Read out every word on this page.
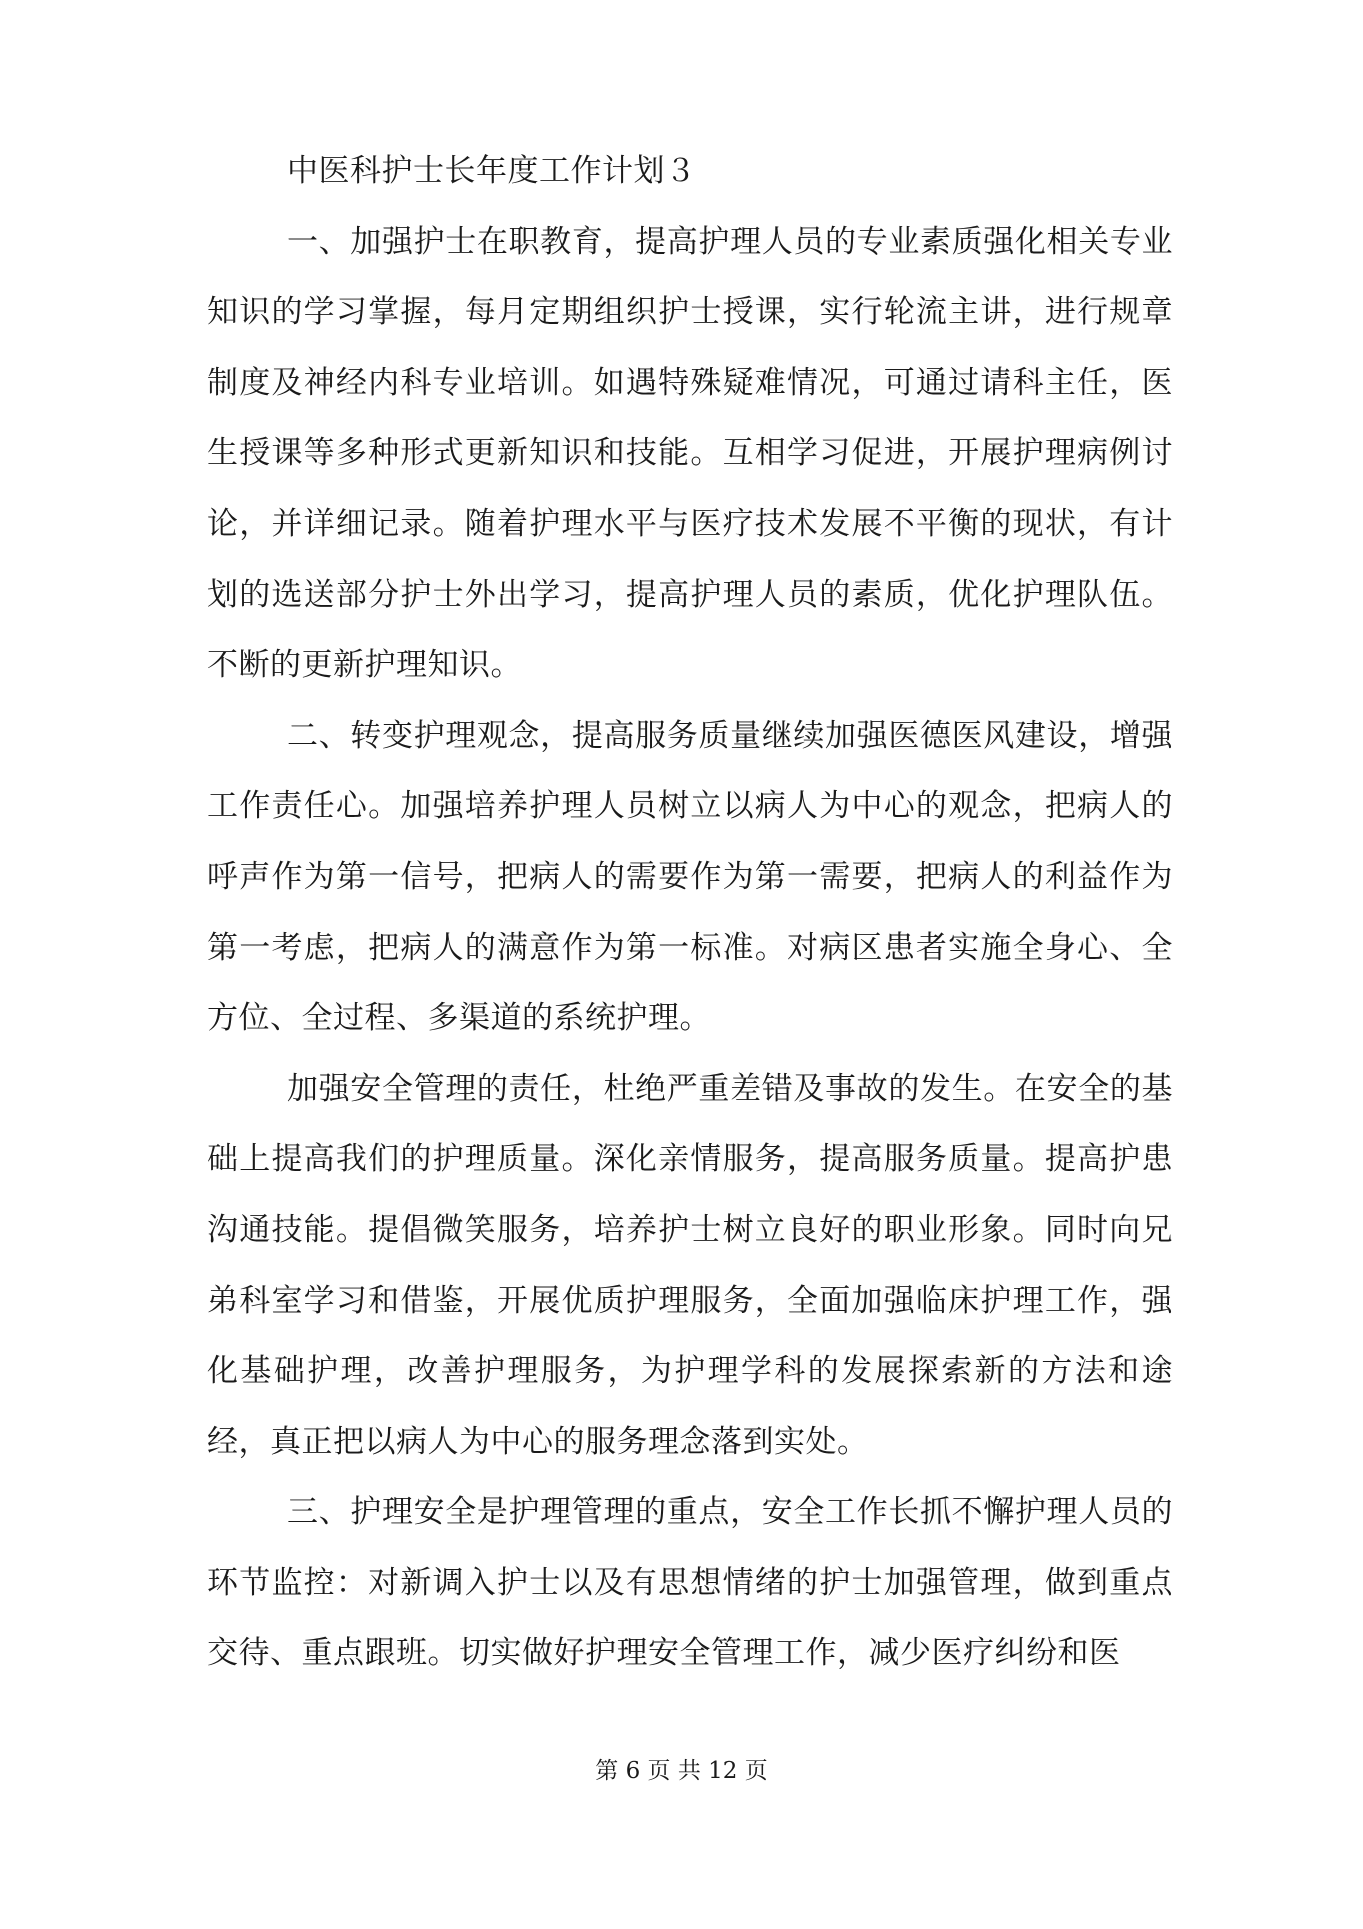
中医科护士长年度工作计划３

一、加强护士在职教育，提高护理人员的专业素质强化相关专业知识的学习掌握，每月定期组织护士授课，实行轮流主讲，进行规章制度及神经内科专业培训。如遇特殊疑难情况，可通过请科主任，医生授课等多种形式更新知识和技能。互相学习促进，开展护理病例讨论，并详细记录。随着护理水平与医疗技术发展不平衡的现状，有计划的选送部分护士外出学习，提高护理人员的素质，优化护理队伍。不断的更新护理知识。

二、转变护理观念，提高服务质量继续加强医德医风建设，增强工作责任心。加强培养护理人员树立以病人为中心的观念，把病人的呼声作为第一信号，把病人的需要作为第一需要，把病人的利益作为第一考虑，把病人的满意作为第一标准。对病区患者实施全身心、全方位、全过程、多渠道的系统护理。

加强安全管理的责任，杜绝严重差错及事故的发生。在安全的基础上提高我们的护理质量。深化亲情服务，提高服务质量。提高护患沟通技能。提倡微笑服务，培养护士树立良好的职业形象。同时向兄弟科室学习和借鉴，开展优质护理服务，全面加强临床护理工作，强化基础护理，改善护理服务，为护理学科的发展探索新的方法和途经，真正把以病人为中心的服务理念落到实处。

三、护理安全是护理管理的重点，安全工作长抓不懈护理人员的环节监控：对新调入护士以及有思想情绪的护士加强管理，做到重点交待、重点跟班。切实做好护理安全管理工作，减少医疗纠纷和医

第 6 页 共 12 页
